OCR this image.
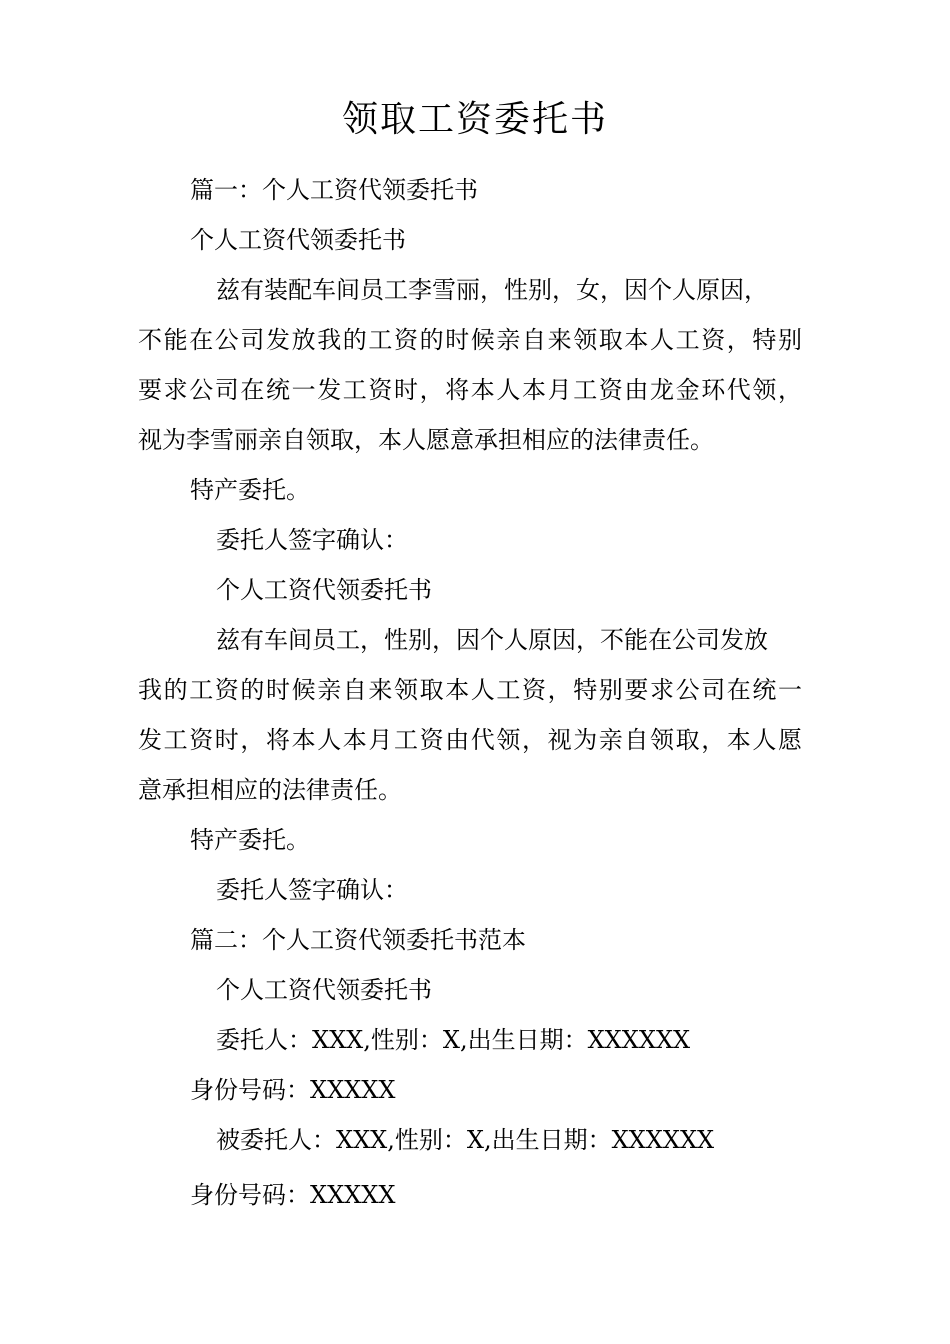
领取工资委托书
篇一：个人工资代领委托书
个人工资代领委托书
兹有装配车间员工李雪丽，性别，女，因个人原因，
不能在公司发放我的工资的时候亲自来领取本人工资，特别
要求公司在统一发工资时，将本人本月工资由龙金环代领，
视为李雪丽亲自领取，本人愿意承担相应的法律责任。
特产委托。
委托人签字确认：
个人工资代领委托书
兹有车间员工，性别，因个人原因，不能在公司发放
我的工资的时候亲自来领取本人工资，特别要求公司在统一
发工资时，将本人本月工资由代领，视为亲自领取，本人愿
意承担相应的法律责任。
特产委托。
委托人签字确认：
篇二：个人工资代领委托书范本
个人工资代领委托书
委托人：XXX,性别：X,出生日期：XXXXXX
身份号码：XXXXX
被委托人：XXX,性别：X,出生日期：XXXXXX
身份号码：XXXXX
